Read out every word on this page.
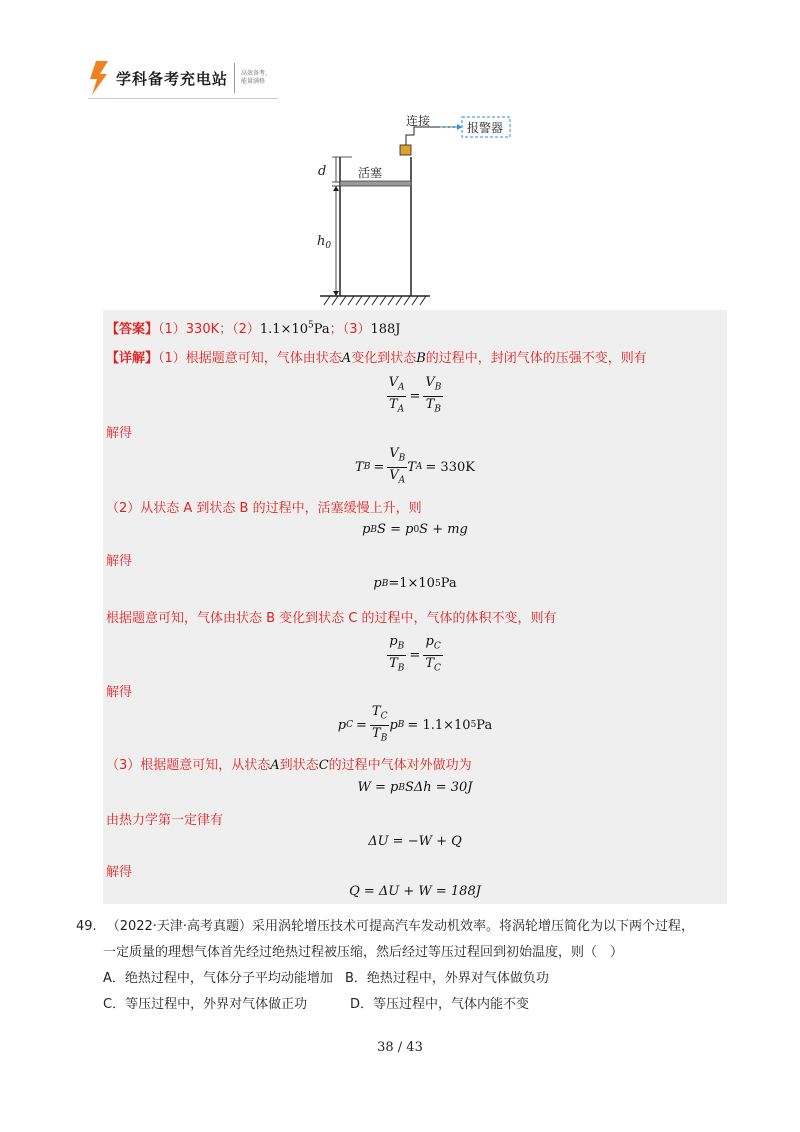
学科备考充电站 高效备考，能量满格
连接	报警器
活塞
d
$h_0$
【答案】（1）330K；$(2)1.1\times 10^5Pa$；（3）188J
【详解】（1）根据题意可知，气体由状态A变化到状态B的过程中，封闭气体的压强不变，则有
$\frac{V_A}{T_A} = \frac{V_B}{T_B}$
解得
T $B = \frac{V_B}{V_A}$ T A = 330K
（2）从状态 A 到状态 B 的过程中，活塞缓慢上升，则
p B S = p 0 S + mg
解得
p B =1×10 5 Pa
根据题意可知，气体由状态 B 变化到状态 C 的过程中，气体的体积不变，则有
$\frac{p_B}{T_B} = \frac{p_C}{T_C}$
解得
p $C = \frac{T_C}{T_B}$ p B = 1.1×10 5 Pa
（3）根据题意可知，从状态A到状态C的过程中气体对外做功为
W = p B SΔh = 30J
由热力学第一定律有
ΔU = −W + Q
解得
Q = ΔU + W = 188J
49. （2022·天津·高考真题）采用涡轮增压技术可提高汽车发动机效率。将涡轮增压简化为以下两个过程，
一定质量的理想气体首先经过绝热过程被压缩，然后经过等压过程回到初始温度，则（　）
A．绝热过程中，气体分子平均动能增加 B．绝热过程中，外界对气体做负功
C．等压过程中，外界对气体做正功	D．等压过程中，气体内能不变
38 / 43
